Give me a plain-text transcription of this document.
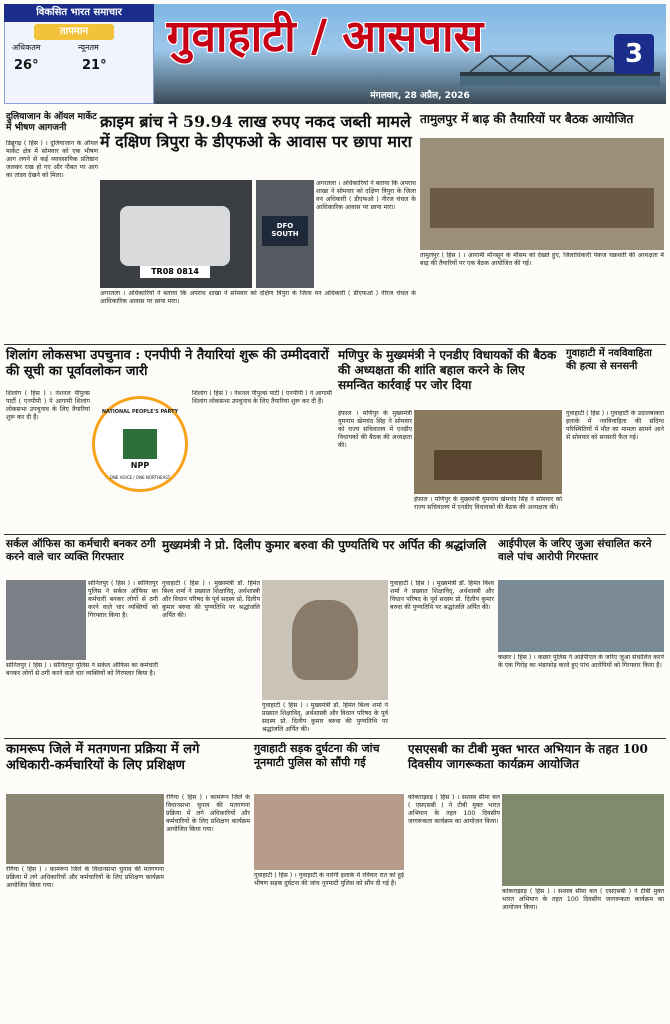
विकसित भारत समाचार
तापमान
अधिकतम	न्यूनतम
26°	21°
गुवाहाटी / आसपास	3
मंगलवार, 28 अप्रैल, 2026
दुलियाजान के ऑयल मार्केट में भीषण आगजनी
डिब्रूगढ़ ( हिंस ) । दुलियाजान के ऑयल मार्केट क्षेत्र में सोमवार को एक भीषण आग लगने से कई व्यावसायिक प्रतिष्ठान जलकर राख हो गए और नौबत पर आग का तांडव देखने को मिला।
क्राइम ब्रांच ने 59.94 लाख रुपए नकद जब्ती मामले में दक्षिण त्रिपुरा के डीएफओ के आवास पर छापा मारा
TR08 0814
DFO SOUTH
अगरतला । अधिकारियों ने बताया कि अपराध शाखा ने सोमवार को दक्षिण त्रिपुरा के जिला वन अधिकारी ( डीएफओ ) नीरज चंचल के आधिकारिक आवास पर छापा मारा।
अगरतला । अधिकारियों ने बताया कि अपराध शाखा ने सोमवार को दक्षिण त्रिपुरा के जिला वन अधिकारी ( डीएफओ ) नीरज चंचल के आधिकारिक आवास पर छापा मारा।
तामुलपुर में बाढ़ की तैयारियों पर बैठक आयोजित
तामुलपुर ( हिंस ) । आगामी मॉनसून के मौसम को देखते हुए, जिलाधिकारी पंकज चक्रवर्ती की अध्यक्षता में बाढ़ की तैयारियों पर एक बैठक आयोजित की गई।
शिलांग लोकसभा उपचुनाव : एनपीपी ने तैयारियां शुरू की उम्मीदवारों की सूची का पूर्वावलोकन जारी
शिलांग ( हिंस ) । नेशनल पीपुल्स पार्टी ( एनपीपी ) ने आगामी शिलांग लोकसभा उपचुनाव के लिए तैयारियां शुरू कर दी हैं।
NATIONAL PEOPLE'S PARTY
NPP
ONE VOICE / ONE NORTHEAST
शिलांग ( हिंस ) । नेशनल पीपुल्स पार्टी ( एनपीपी ) ने आगामी शिलांग लोकसभा उपचुनाव के लिए तैयारियां शुरू कर दी हैं।
मणिपुर के मुख्यमंत्री ने एनडीए विधायकों की बैठक की अध्यक्षता की शांति बहाल करने के लिए समन्वित कार्रवाई पर जोर दिया
इंफाल । मणिपुर के मुख्यमंत्री युमनाम खेमचंद सिंह ने सोमवार को राज्य सचिवालय में एनडीए विधायकों की बैठक की अध्यक्षता की।
इंफाल । मणिपुर के मुख्यमंत्री युमनाम खेमचंद सिंह ने सोमवार को राज्य सचिवालय में एनडीए विधायकों की बैठक की अध्यक्षता की।
गुवाहाटी में नवविवाहिता की हत्या से सनसनी
गुवाहाटी ( हिंस ) । गुवाहाटी के उदालबाकरा इलाके में नवविवाहिता की संदिग्ध परिस्थितियों में मौत का मामला सामने आने से सोमवार को सनसनी फैल गई।
सर्कल ऑफिस का कर्मचारी बनकर ठगी करने वाले चार व्यक्ति गिरफ्तार
सोनितपुर ( हिंस ) । सोनितपुर पुलिस ने सर्कल ऑफिस का कर्मचारी बनकर लोगों से ठगी करने वाले चार व्यक्तियों को गिरफ्तार किया है।
सोनितपुर ( हिंस ) । सोनितपुर पुलिस ने सर्कल ऑफिस का कर्मचारी बनकर लोगों से ठगी करने वाले चार व्यक्तियों को गिरफ्तार किया है।
मुख्यमंत्री ने प्रो. दिलीप कुमार बरुवा की पुण्यतिथि पर अर्पित की श्रद्धांजलि
गुवाहाटी ( हिंस ) । मुख्यमंत्री डॉ. हिमंत बिश्व शर्मा ने प्रख्यात शिक्षाविद्, अर्थशास्त्री और विधान परिषद के पूर्व सदस्य प्रो. दिलीप कुमार बरुवा की पुण्यतिथि पर श्रद्धांजलि अर्पित की।
गुवाहाटी ( हिंस ) । मुख्यमंत्री डॉ. हिमंत बिश्व शर्मा ने प्रख्यात शिक्षाविद्, अर्थशास्त्री और विधान परिषद के पूर्व सदस्य प्रो. दिलीप कुमार बरुवा की पुण्यतिथि पर श्रद्धांजलि अर्पित की।
गुवाहाटी ( हिंस ) । मुख्यमंत्री डॉ. हिमंत बिश्व शर्मा ने प्रख्यात शिक्षाविद्, अर्थशास्त्री और विधान परिषद के पूर्व सदस्य प्रो. दिलीप कुमार बरुवा की पुण्यतिथि पर श्रद्धांजलि अर्पित की।
आईपीएल के जरिए जुआ संचालित करने वाले पांच आरोपी गिरफ्तार
कछार ( हिंस ) । कछार पुलिस ने आईपीएल के जरिए जुआ संचालित करने के एक गिरोह का भंडाफोड़ करते हुए पांच आरोपियों को गिरफ्तार किया है।
कामरूप जिले में मतगणना प्रक्रिया में लगे अधिकारी-कर्मचारियों के लिए प्रशिक्षण
रंगिया ( हिंस ) । कामरूप जिले के विधानसभा चुनाव की मतगणना प्रक्रिया में लगे अधिकारियों और कर्मचारियों के लिए प्रशिक्षण कार्यक्रम आयोजित किया गया।
रंगिया ( हिंस ) । कामरूप जिले के विधानसभा चुनाव की मतगणना प्रक्रिया में लगे अधिकारियों और कर्मचारियों के लिए प्रशिक्षण कार्यक्रम आयोजित किया गया।
गुवाहाटी सड़क दुर्घटना की जांच नूनमाटी पुलिस को सौंपी गई
गुवाहाटी ( हिंस ) । गुवाहाटी के नारंगी इलाके में रविवार रात को हुई भीषण सड़क दुर्घटना की जांच नूनमाटी पुलिस को सौंप दी गई है।
एसएसबी का टीबी मुक्त भारत अभियान के तहत 100 दिवसीय जागरूकता कार्यक्रम आयोजित
कोकराझाड़ ( हिंस ) । सशस्त्र सीमा बल ( एसएसबी ) ने टीबी मुक्त भारत अभियान के तहत 100 दिवसीय जागरूकता कार्यक्रम का आयोजन किया।
कोकराझाड़ ( हिंस ) । सशस्त्र सीमा बल ( एसएसबी ) ने टीबी मुक्त भारत अभियान के तहत 100 दिवसीय जागरूकता कार्यक्रम का आयोजन किया।
